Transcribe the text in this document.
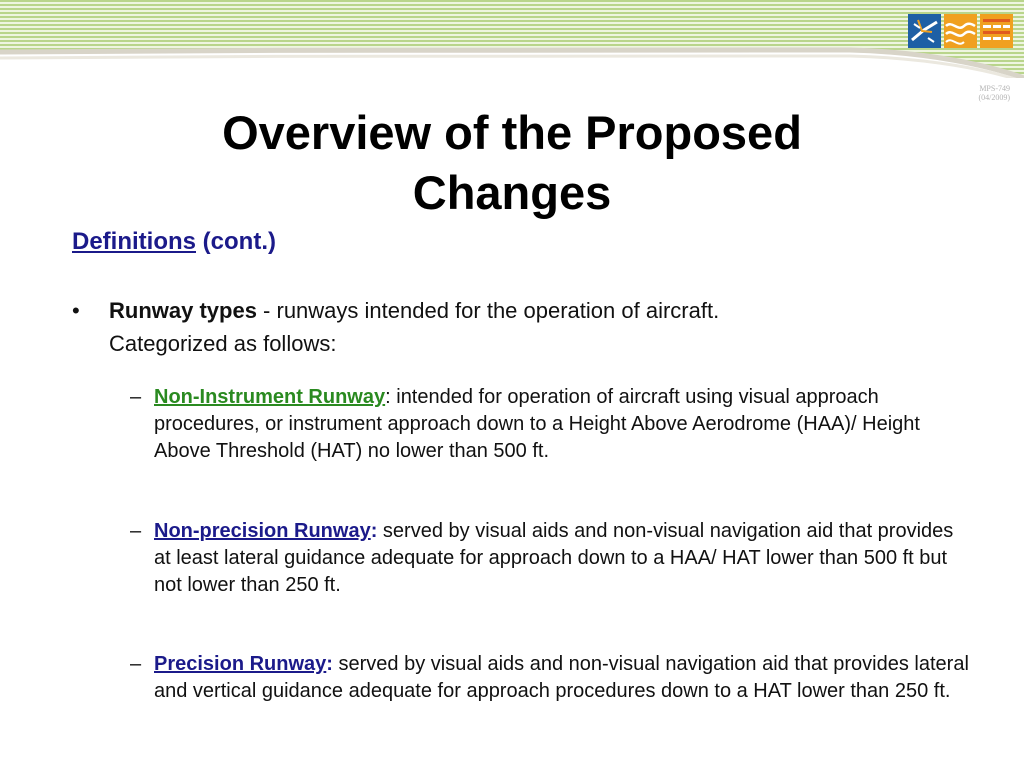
MPS-749
(04/2009)
Overview of the Proposed
Changes
Definitions (cont.)
• Runway types - runways intended for the operation of aircraft.
Categorized as follows:
– Non-Instrument Runway: intended for operation of aircraft using visual approach procedures, or instrument approach down to a Height Above Aerodrome (HAA)/ Height Above Threshold (HAT) no lower than 500 ft.
– Non-precision Runway: served by visual aids and non-visual navigation aid that provides at least lateral guidance adequate for approach down to a HAA/ HAT lower than 500 ft but not lower than 250 ft.
– Precision Runway: served by visual aids and non-visual navigation aid that provides lateral and vertical guidance adequate for approach procedures down to a HAT lower than 250 ft.
